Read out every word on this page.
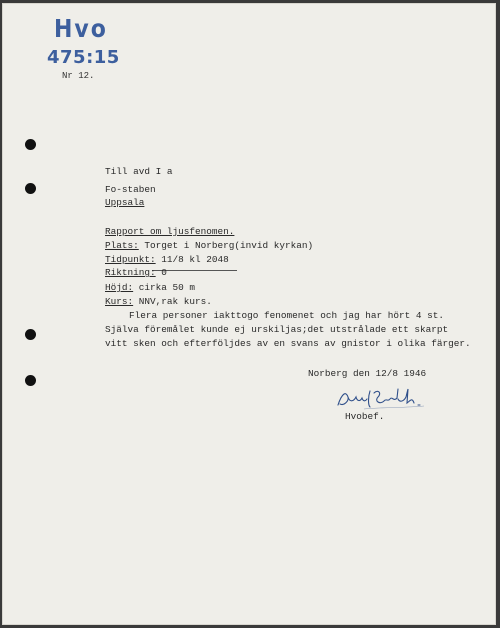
Hvo
475:15
Nr 12.
Till avd I a
Fo-staben
Uppsala
Rapport om ljusfenomen.
Plats: Torget i Norberg(invid kyrkan)
Tidpunkt: 11/8 kl 2048
Riktning: 0
Höjd: cirka 50 m
Kurs: NNV,rak kurs.
Flera personer iakttogo fenomenet och jag har hört 4 st.
Själva föremålet kunde ej urskiljas;det utstrålade ett skarpt
vitt sken och efterföljdes av en svans av gnistor i olika färger.
Norberg den 12/8 1946
Hvobef.
